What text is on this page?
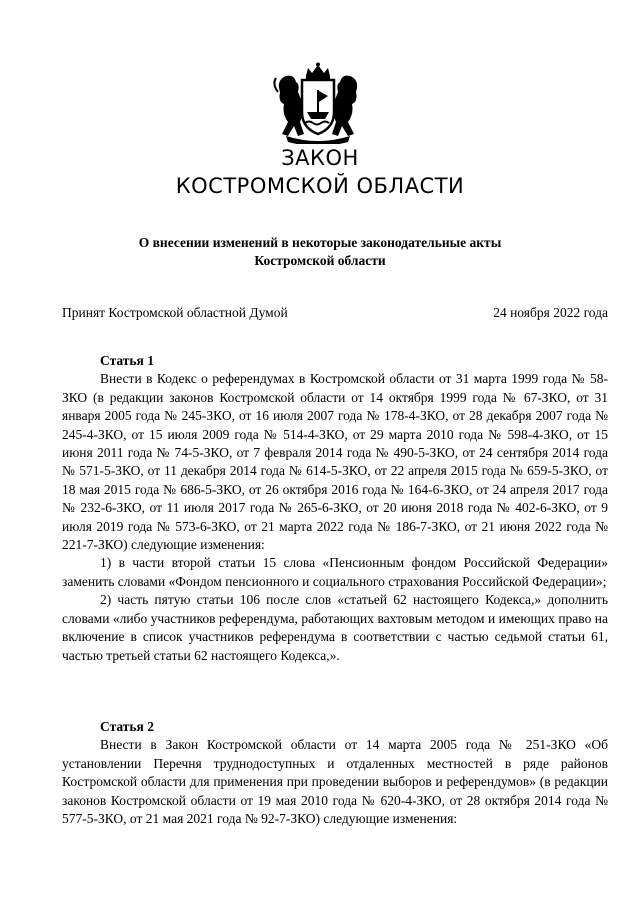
ЗАКОН
КОСТРОМСКОЙ ОБЛАСТИ
О внесении изменений в некоторые законодательные акты
Костромской области
Принят Костромской областной Думой	24 ноября 2022 года

Статья 1

Внести в Кодекс о референдумах в Костромской области от 31 марта 1999 года № 58-ЗКО (в редакции законов Костромской области от 14 октября 1999 года № 67-ЗКО, от 31 января 2005 года № 245-ЗКО, от 16 июля 2007 года № 178-4-ЗКО, от 28 декабря 2007 года № 245-4-ЗКО, от 15 июля 2009 года № 514-4-ЗКО, от 29 марта 2010 года № 598-4-ЗКО, от 15 июня 2011 года № 74-5-ЗКО, от 7 февраля 2014 года № 490-5-ЗКО, от 24 сентября 2014 года № 571-5-ЗКО, от 11 декабря 2014 года № 614-5-ЗКО, от 22 апреля 2015 года № 659-5-ЗКО, от 18 мая 2015 года № 686-5-ЗКО, от 26 октября 2016 года № 164-6-ЗКО, от 24 апреля 2017 года № 232-6-ЗКО, от 11 июля 2017 года № 265-6-ЗКО, от 20 июня 2018 года № 402-6-ЗКО, от 9 июля 2019 года № 573-6-ЗКО, от 21 марта 2022 года № 186-7-ЗКО, от 21 июня 2022 года № 221-7-ЗКО) следующие изменения:

1) в части второй статьи 15 слова «Пенсионным фондом Российской Федерации» заменить словами «Фондом пенсионного и социального страхования Российской Федерации»;

2) часть пятую статьи 106 после слов «статьей 62 настоящего Кодекса,» дополнить словами «либо участников референдума, работающих вахтовым методом и имеющих право на включение в список участников референдума в соответствии с частью седьмой статьи 61, частью третьей статьи 62 настоящего Кодекса,».

Статья 2

Внести в Закон Костромской области от 14 марта 2005 года № 251-ЗКО «Об установлении Перечня труднодоступных и отдаленных местностей в ряде районов Костромской области для применения при проведении выборов и референдумов» (в редакции законов Костромской области от 19 мая 2010 года № 620-4-ЗКО, от 28 октября 2014 года № 577-5-ЗКО, от 21 мая 2021 года № 92-7-ЗКО) следующие изменения:
